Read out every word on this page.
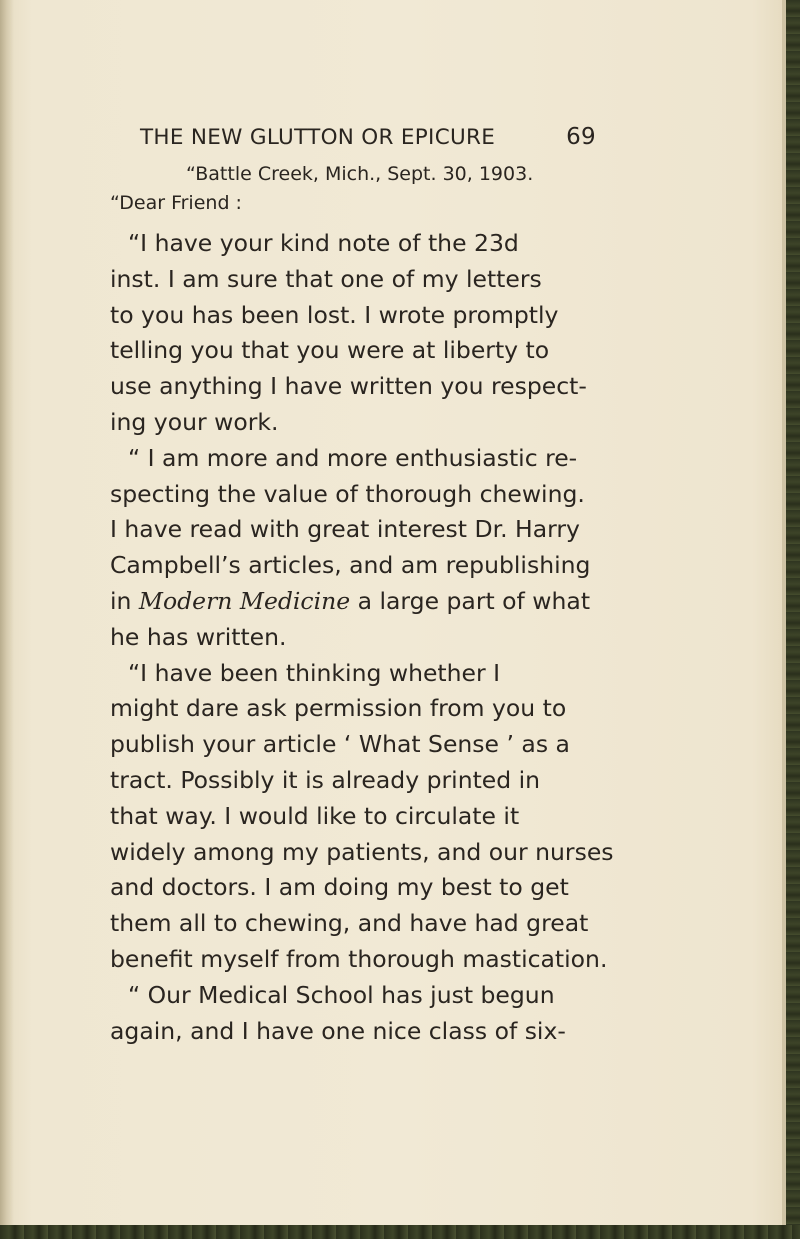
THE NEW GLUTTON OR EPICURE	69
“Battle Creek, Mich., Sept. 30, 1903.
“Dear Friend :
“I have your kind note of the 23d
inst. I am sure that one of my letters
to you has been lost. I wrote promptly
telling you that you were at liberty to
use anything I have written you respect-
ing your work.
“ I am more and more enthusiastic re-
specting the value of thorough chewing.
I have read with great interest Dr. Harry
Campbell’s articles, and am republishing
in Modern Medicine a large part of what
he has written.
“I have been thinking whether I
might dare ask permission from you to
publish your article ‘ What Sense ’ as a
tract. Possibly it is already printed in
that way. I would like to circulate it
widely among my patients, and our nurses
and doctors. I am doing my best to get
them all to chewing, and have had great
benefit myself from thorough mastication.
“ Our Medical School has just begun
again, and I have one nice class of six-
